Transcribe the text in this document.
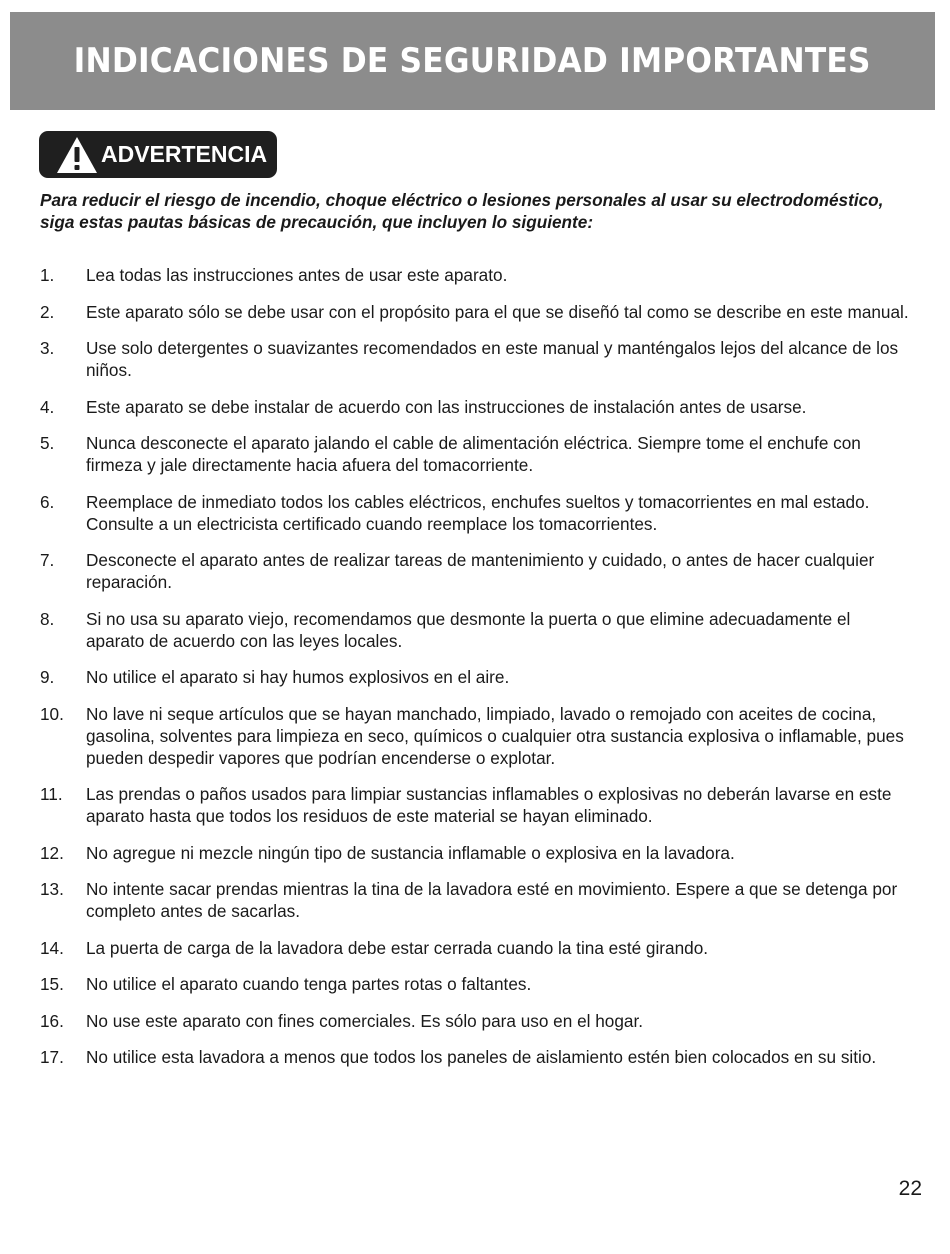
INDICACIONES DE SEGURIDAD IMPORTANTES
ADVERTENCIA
Para reducir el riesgo de incendio, choque eléctrico o lesiones personales al usar su electrodoméstico, siga estas pautas básicas de precaución, que incluyen lo siguiente:
1.	Lea todas las instrucciones antes de usar este aparato.
2.	Este aparato sólo se debe usar con el propósito para el que se diseñó tal como se describe en este manual.
3.	Use solo detergentes o suavizantes recomendados en este manual y manténgalos lejos del alcance de los niños.
4.	Este aparato se debe instalar de acuerdo con las instrucciones de instalación antes de usarse.
5.	Nunca desconecte el aparato jalando el cable de alimentación eléctrica. Siempre tome el enchufe con firmeza y jale directamente hacia afuera del tomacorriente.
6.	Reemplace de inmediato todos los cables eléctricos, enchufes sueltos y tomacorrientes en mal estado. Consulte a un electricista certificado cuando reemplace los tomacorrientes.
7.	Desconecte el aparato antes de realizar tareas de mantenimiento y cuidado, o antes de hacer cualquier reparación.
8.	Si no usa su aparato viejo, recomendamos que desmonte la puerta o que elimine adecuadamente el aparato de acuerdo con las leyes locales.
9.	No utilice el aparato si hay humos explosivos en el aire.
10.	No lave ni seque artículos que se hayan manchado, limpiado, lavado o remojado con aceites de cocina, gasolina, solventes para limpieza en seco, químicos o cualquier otra sustancia explosiva o inflamable, pues pueden despedir vapores que podrían encenderse o explotar.
11.	Las prendas o paños usados para limpiar sustancias inflamables o explosivas no deberán lavarse en este aparato hasta que todos los residuos de este material se hayan eliminado.
12.	No agregue ni mezcle ningún tipo de sustancia inflamable o explosiva en la lavadora.
13.	No intente sacar prendas mientras la tina de la lavadora esté en movimiento. Espere a que se detenga por completo antes de sacarlas.
14.	La puerta de carga de la lavadora debe estar cerrada cuando la tina esté girando.
15.	No utilice el aparato cuando tenga partes rotas o faltantes.
16.	No use este aparato con fines comerciales. Es sólo para uso en el hogar.
17.	No utilice esta lavadora a menos que todos los paneles de aislamiento estén bien colocados en su sitio.
22
